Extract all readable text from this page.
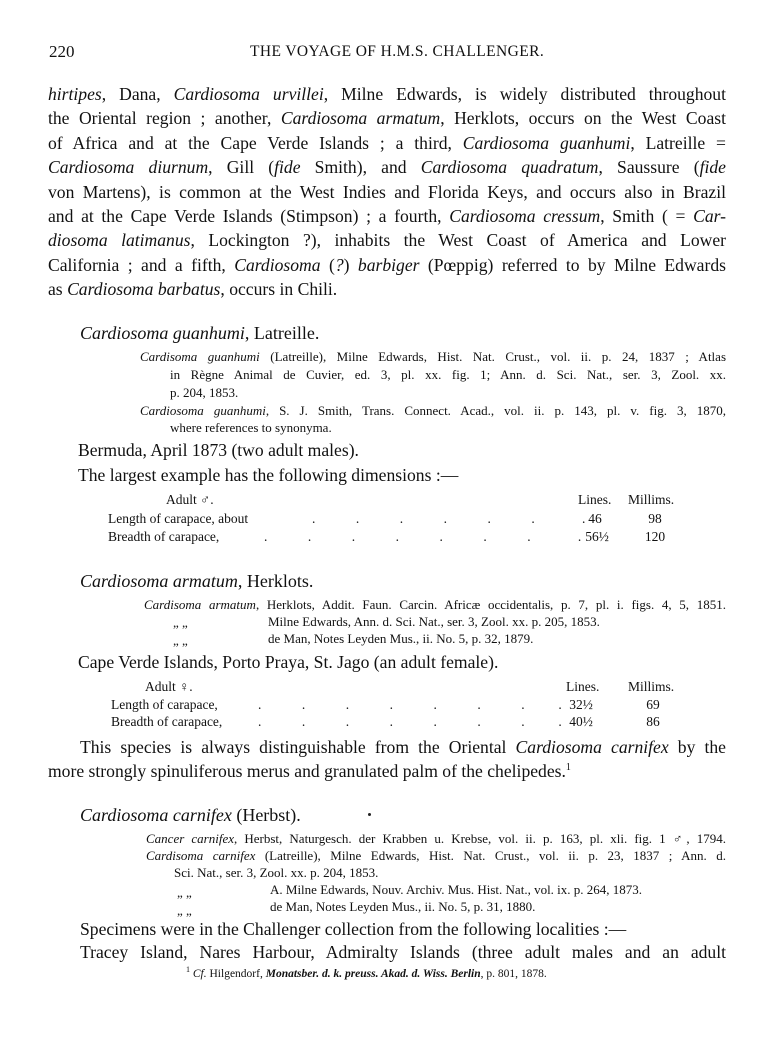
220	THE VOYAGE OF H.M.S. CHALLENGER.
hirtipes, Dana, Cardiosoma urvillei, Milne Edwards, is widely distributed throughout
the Oriental region ; another, Cardiosoma armatum, Herklots, occurs on the West Coast
of Africa and at the Cape Verde Islands ; a third, Cardiosoma guanhumi, Latreille =
Cardiosoma diurnum, Gill (fide Smith), and Cardiosoma quadratum, Saussure (fide
von Martens), is common at the West Indies and Florida Keys, and occurs also in Brazil
and at the Cape Verde Islands (Stimpson) ; a fourth, Cardiosoma cressum, Smith ( = Car-
diosoma latimanus, Lockington ?), inhabits the West Coast of America and Lower
California ; and a fifth, Cardiosoma (?) barbiger (Pœppig) referred to by Milne Edwards
as Cardiosoma barbatus, occurs in Chili.
Cardiosoma guanhumi, Latreille.
Cardisoma guanhumi (Latreille), Milne Edwards, Hist. Nat. Crust., vol. ii. p. 24, 1837 ; Atlas
in Règne Animal de Cuvier, ed. 3, pl. xx. fig. 1; Ann. d. Sci. Nat., ser. 3, Zool. xx.
p. 204, 1853.
Cardiosoma guanhumi, S. J. Smith, Trans. Connect. Acad., vol. ii. p. 143, pl. v. fig. 3, 1870,
where references to synonyma.
Bermuda, April 1873 (two adult males).
The largest example has the following dimensions :—
Adult ♂.	Lines. Millims.
Length of carapace, about	.   .   .   .   .   .     . 46	98
Breadth of carapace,	.   .   .   .   .   .   .     . 56½	120
Cardiosoma armatum, Herklots.
Cardisoma armatum, Herklots, Addit. Faun. Carcin. Africæ occidentalis, p. 7, pl. i. figs. 4, 5, 1851.
„ „	Milne Edwards, Ann. d. Sci. Nat., ser. 3, Zool. xx. p. 205, 1853.
„ „	de Man, Notes Leyden Mus., ii. No. 5, p. 32, 1879.
Cape Verde Islands, Porto Praya, St. Jago (an adult female).
Adult ♀.	Lines. Millims.
Length of carapace,	.   .   .   .   .   .   .    . 32½	69
Breadth of carapace,	.   .   .   .   .   .   .    . 40½	86
This species is always distinguishable from the Oriental Cardiosoma carnifex by the
more strongly spinuliferous merus and granulated palm of the chelipedes.$^1$
Cardiosoma carnifex (Herbst).
Cancer carnifex, Herbst, Naturgesch. der Krabben u. Krebse, vol. ii. p. 163, pl. xli. fig. 1 ♂, 1794.
Cardisoma carnifex (Latreille), Milne Edwards, Hist. Nat. Crust., vol. ii. p. 23, 1837 ; Ann. d.
Sci. Nat., ser. 3, Zool. xx. p. 204, 1853.
„ „	A. Milne Edwards, Nouv. Archiv. Mus. Hist. Nat., vol. ix. p. 264, 1873.
„ „	de Man, Notes Leyden Mus., ii. No. 5, p. 31, 1880.
Specimens were in the Challenger collection from the following localities :—
Tracey Island, Nares Harbour, Admiralty Islands (three adult males and an adult
$^1$ Cf. Hilgendorf, Monatsber. d. k. preuss. Akad. d. Wiss. Berlin, p. 801, 1878.
